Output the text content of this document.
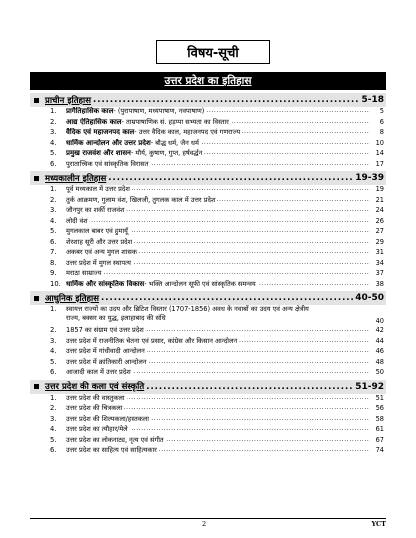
विषय-सूची
उत्तर प्रदेश का इतिहास
प्राचीन इतिहास .....	5-18
1.	प्रागैतिहासिक काल- (पुरापाषाण, मध्यपाषाण, नवपाषाण) .....	5
2.	आद्य ऐतिहासिक काल- ताम्रपाषाणिक सं. हड़प्पा सभ्यता का विस्तार .....	6
3.	वैदिक एवं महाजनपद काल- उत्तर वैदिक काल, महाजनपद एवं गणराज्य .....	8
4.	धार्मिक आन्दोलन और उत्तर प्रदेश- बौद्ध धर्म, जैन धर्म .....	10
5.	प्रमुख राजवंश और शासन- मौर्य, कुषाण, गुप्त, हर्षवर्द्धन .....	14
6.	पुरातात्त्विक एवं सांस्कृतिक विरासत .....	17
मध्यकालीन इतिहास .....	19-39
1.	पूर्व मध्यकाल में उत्तर प्रदेश .....	19
2.	तुर्क आक्रमण, गुलाम वंश, खिलजी, तुगलक काल में उत्तर प्रदेश .....	21
3.	जौनपुर का शर्की राजवंश .....	24
4.	लोदी वंश .....	26
5.	मुगलकाल बाबर एवं हुमायूँ .....	27
6.	शेरशाह सूरी और उत्तर प्रदेश .....	29
7.	अकबर एवं अन्य मुगल शासक .....	31
8.	उत्तर प्रदेश में मुगल स्थापत्य .....	34
9.	मराठा साम्राज्य .....	37
10. धार्मिक और सांस्कृतिक विकास- भक्ति आन्दोलन सूफी एवं सांस्कृतिक समन्वय .....	38
आधुनिक इतिहास .....	40-50
1.	स्वायत्त राज्यों का उदय और ब्रिटिश विस्तार (1707-1856) अवध के नवाबों का उदय एवं अन्य क्षेत्रीय
राज्य, बक्सर का युद्ध, इलाहाबाद की संधि
.....	40
2.	1857 का संग्राम एवं उत्तर प्रदेश .....	42
3.	उत्तर प्रदेश में राजनीतिक चेतना एवं प्रसार, कांग्रेस और किसान आन्दोलन .....	44
4.	उत्तर प्रदेश में गांधीवादी आन्दोलन .....	46
5.	उत्तर प्रदेश में क्रांतिकारी आन्दोलन .....	48
6.	आजादी काल में उत्तर प्रदेश .....	50
उत्तर प्रदेश की कला एवं संस्कृति .....	51-92
1.	उत्तर प्रदेश की वास्तुकला .....	51
2.	उत्तर प्रदेश की चित्रकला .....	56
3.	उत्तर प्रदेश की शिल्पकला/हस्तकला .....	58
4.	उत्तर प्रदेश का त्यौहार/मेले .....	61
5.	उत्तर प्रदेश का लोकनाट्य, नृत्य एवं संगीत .....	67
6.	उत्तर प्रदेश का साहित्य एवं साहित्यकार .....	74
2	YCT
